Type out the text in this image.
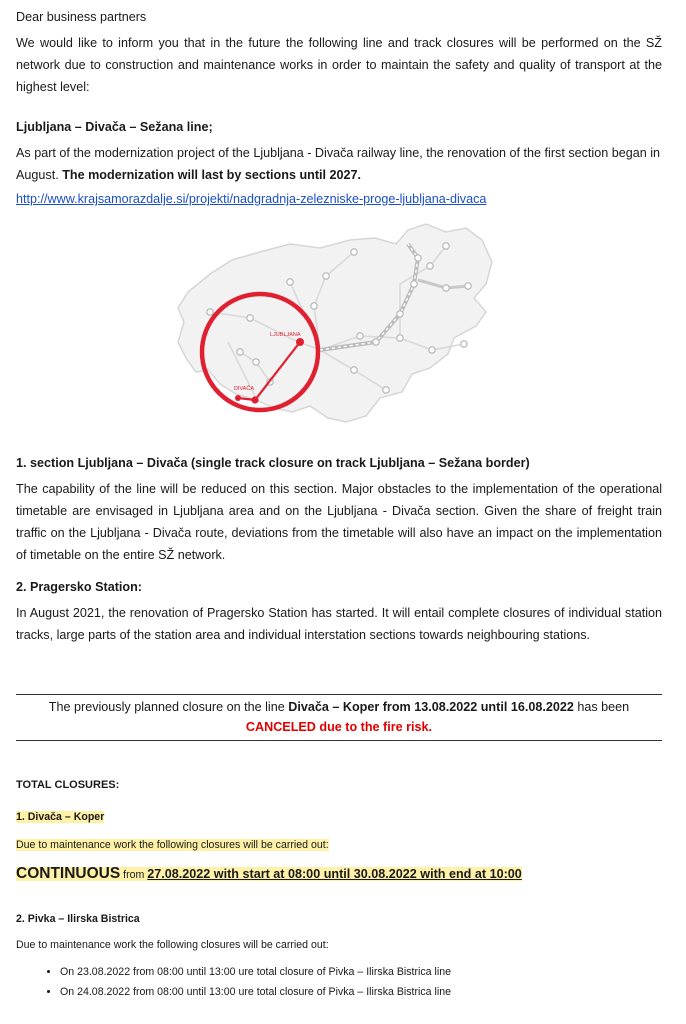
Dear business partners

We would like to inform you that in the future the following line and track closures will be performed on the SŽ network due to construction and maintenance works in order to maintain the safety and quality of transport at the highest level:

Ljubljana – Divača – Sežana line;

As part of the modernization project of the Ljubljana - Divača railway line, the renovation of the first section began in August. The modernization will last by sections until 2027.

http://www.krajsamorazdalje.si/projekti/nadgradnja-zelezniske-proge-ljubljana-divaca

LJUBLJANA
DIVAČA

1. section Ljubljana – Divača (single track closure on track Ljubljana – Sežana border)

The capability of the line will be reduced on this section. Major obstacles to the implementation of the operational timetable are envisaged in Ljubljana area and on the Ljubljana - Divača section. Given the share of freight train traffic on the Ljubljana - Divača route, deviations from the timetable will also have an impact on the implementation of timetable on the entire SŽ network.

2. Pragersko Station:

In August 2021, the renovation of Pragersko Station has started. It will entail complete closures of individual station tracks, large parts of the station area and individual interstation sections towards neighbouring stations.

The previously planned closure on the line Divača – Koper from 13.08.2022 until 16.08.2022 has been
CANCELED due to the fire risk.

TOTAL CLOSURES:

1. Divača – Koper

Due to maintenance work the following closures will be carried out:

CONTINUOUS from 27.08.2022 with start at 08:00 until 30.08.2022 with end at 10:00

2. Pivka – Ilirska Bistrica

Due to maintenance work the following closures will be carried out:

• On 23.08.2022 from 08:00 until 13:00 ure total closure of Pivka – Ilirska Bistrica line
• On 24.08.2022 from 08:00 until 13:00 ure total closure of Pivka – Ilirska Bistrica line
